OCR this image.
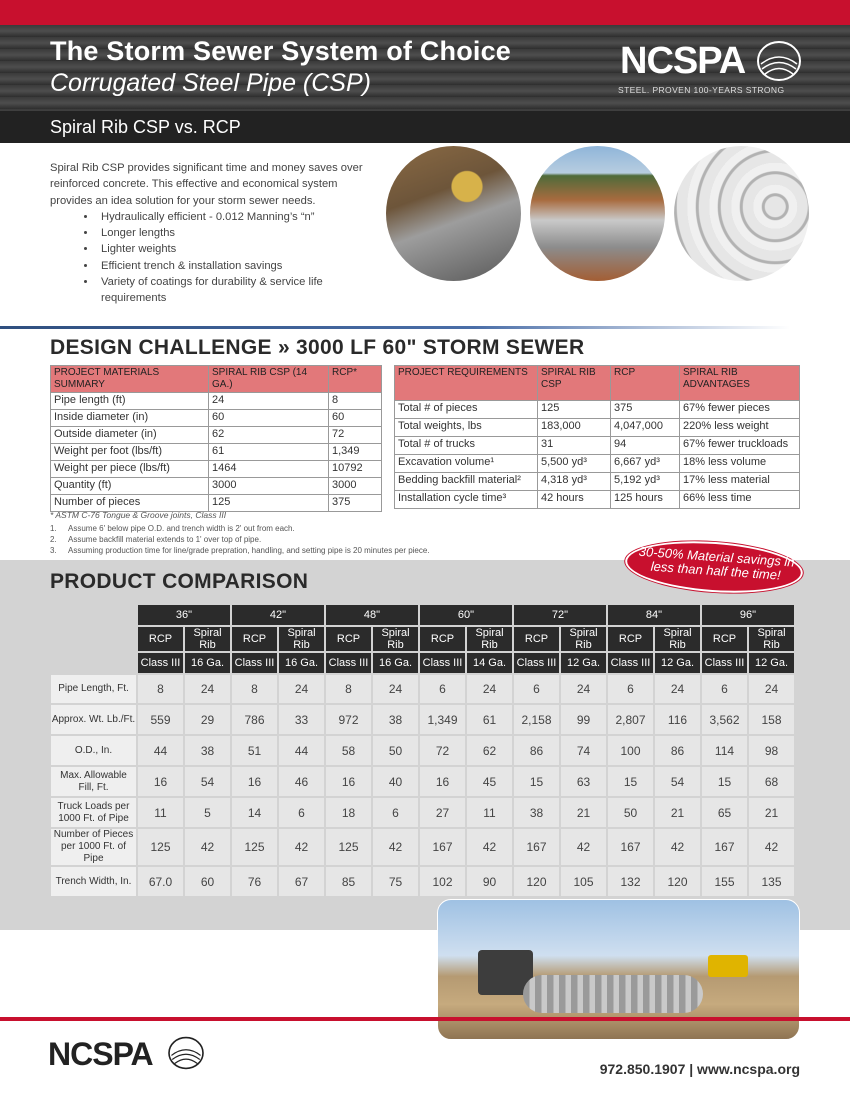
The Storm Sewer System of Choice
Corrugated Steel Pipe (CSP)
NCSPA
STEEL. PROVEN 100-YEARS STRONG
Spiral Rib CSP vs. RCP

Spiral Rib CSP provides significant time and money saves over reinforced concrete. This effective and economical system provides an idea solution for your storm sewer needs.

• Hydraulically efficient - 0.012 Manning’s “n”
• Longer lengths
• Lighter weights
• Efficient trench & installation savings
• Variety of coatings for durability & service life requirements
DESIGN CHALLENGE » 3000 LF 60" STORM SEWER
PROJECT MATERIALS SUMMARY	SPIRAL RIB CSP (14 GA.)	RCP*
Pipe length (ft)	24	8
Inside diameter (in)	60	60
Outside diameter (in)	62	72
Weight per foot (lbs/ft)	61	1,349
Weight per piece (lbs/ft)	1464	10792
Quantity (ft)	3000	3000
Number of pieces	125	375
PROJECT REQUIREMENTS	SPIRAL RIB CSP	RCP	SPIRAL RIB ADVANTAGES
Total # of pieces	125	375	67% fewer pieces
Total weights, lbs	183,000	4,047,000	220% less weight
Total # of trucks	31	94	67% fewer truckloads
Excavation volume¹	5,500 yd³	6,667 yd³	18% less volume
Bedding backfill material²	4,318 yd³	5,192 yd³	17% less material
Installation cycle time³	42 hours	125 hours	66% less time
* ASTM C-76 Tongue & Groove joints, Class III
1. Assume 6' below pipe O.D. and trench width is 2' out from each.
2. Assume backfill material extends to 1' over top of pipe.
3. Assuming production time for line/grade prepration, handling, and setting pipe is 20 minutes per piece.
PRODUCT COMPARISON
30-50% Material savings in less than half the time!
	36"		42"		48"		60"		72"		84"		96"	
	RCP	Spiral Rib	RCP	Spiral Rib	RCP	Spiral Rib	RCP	Spiral Rib	RCP	Spiral Rib	RCP	Spiral Rib	RCP	Spiral Rib
	Class III	16 Ga.	Class III	16 Ga.	Class III	16 Ga.	Class III	14 Ga.	Class III	12 Ga.	Class III	12 Ga.	Class III	12 Ga.
Pipe Length, Ft.	8	24	8	24	8	24	6	24	6	24	6	24	6	24
Approx. Wt. Lb./Ft.	559	29	786	33	972	38	1,349	61	2,158	99	2,807	116	3,562	158
O.D., In.	44	38	51	44	58	50	72	62	86	74	100	86	114	98
Max. Allowable Fill, Ft.	16	54	16	46	16	40	16	45	15	63	15	54	15	68
Truck Loads per 1000 Ft. of Pipe	11	5	14	6	18	6	27	11	38	21	50	21	65	21
Number of Pieces per 1000 Ft. of Pipe	125	42	125	42	125	42	167	42	167	42	167	42	167	42
Trench Width, In.	67.0	60	76	67	85	75	102	90	120	105	132	120	155	135
NCSPA	972.850.1907 | www.ncspa.org
